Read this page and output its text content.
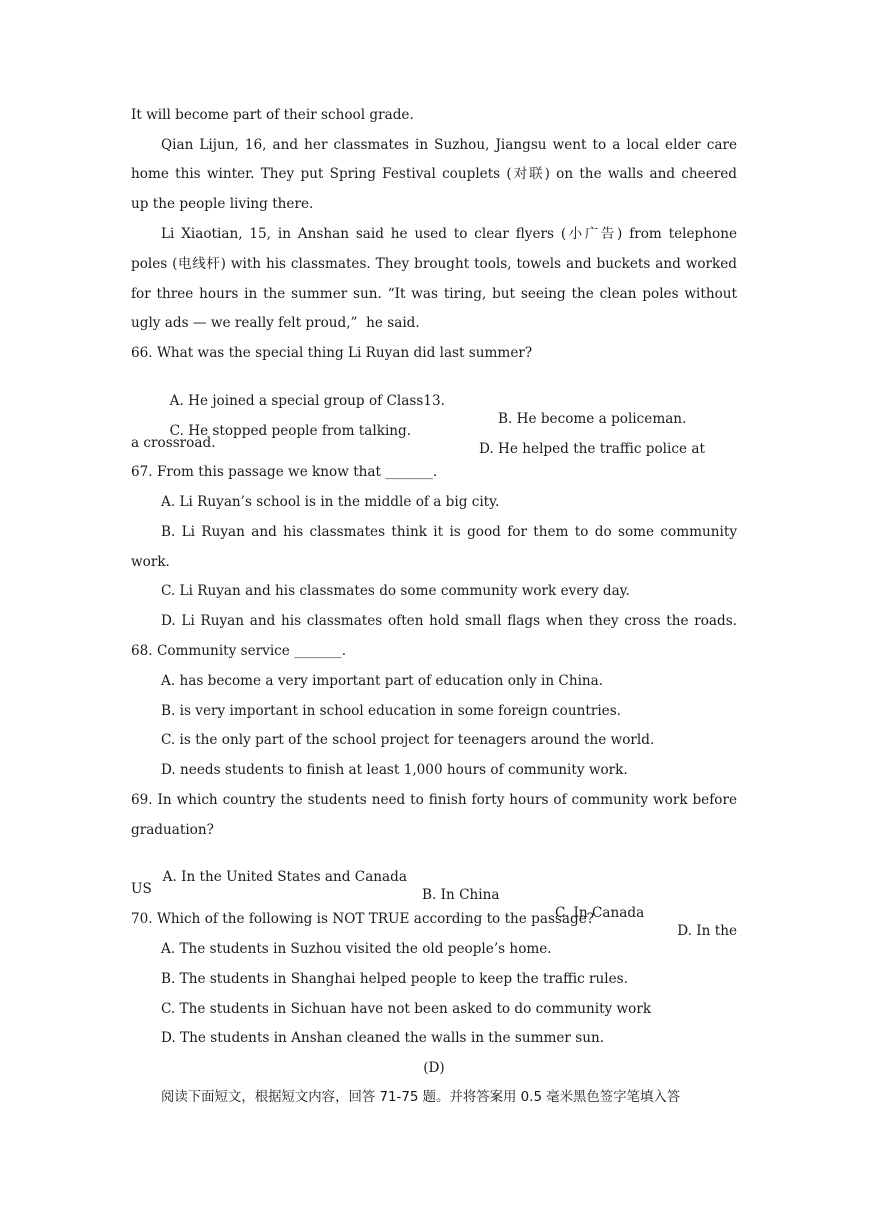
It will become part of their school grade.
Qian Lijun, 16, and her classmates in Suzhou, Jiangsu went to a local elder care
home this winter. They put Spring Festival couplets (对联) on the walls and cheered
up the people living there.
Li Xiaotian, 15, in Anshan said he used to clear flyers (小广告) from telephone
poles (电线杆) with his classmates. They brought tools, towels and buckets and worked
for three hours in the summer sun. “It was tiring, but seeing the clean poles without
ugly ads — we really felt proud,”  he said.
66. What was the special thing Li Ruyan did last summer?

A. He joined a special group of Class13.

B. He become a policeman.

C. He stopped people from talking.

D. He helped the traffic police at

a crossroad.
67. From this passage we know that _______.
A. Li Ruyan’s school is in the middle of a big city.
B. Li Ruyan and his classmates think it is good for them to do some community
work.
C. Li Ruyan and his classmates do some community work every day.
D. Li Ruyan and his classmates often hold small flags when they cross the roads.
68. Community service _______.
A. has become a very important part of education only in China.
B. is very important in school education in some foreign countries.
C. is the only part of the school project for teenagers around the world.
D. needs students to finish at least 1,000 hours of community work.
69. In which country the students need to finish forty hours of community work before
graduation?

A. In the United States and Canada

B. In China

C. In Canada

D. In the

US
70. Which of the following is NOT TRUE according to the passage?
A. The students in Suzhou visited the old people’s home.
B. The students in Shanghai helped people to keep the traffic rules.
C. The students in Sichuan have not been asked to do community work
D. The students in Anshan cleaned the walls in the summer sun.
(D)
阅读下面短文，根据短文内容，回答 71-75 题。并将答案用 0.5 毫米黑色签字笔填入答
